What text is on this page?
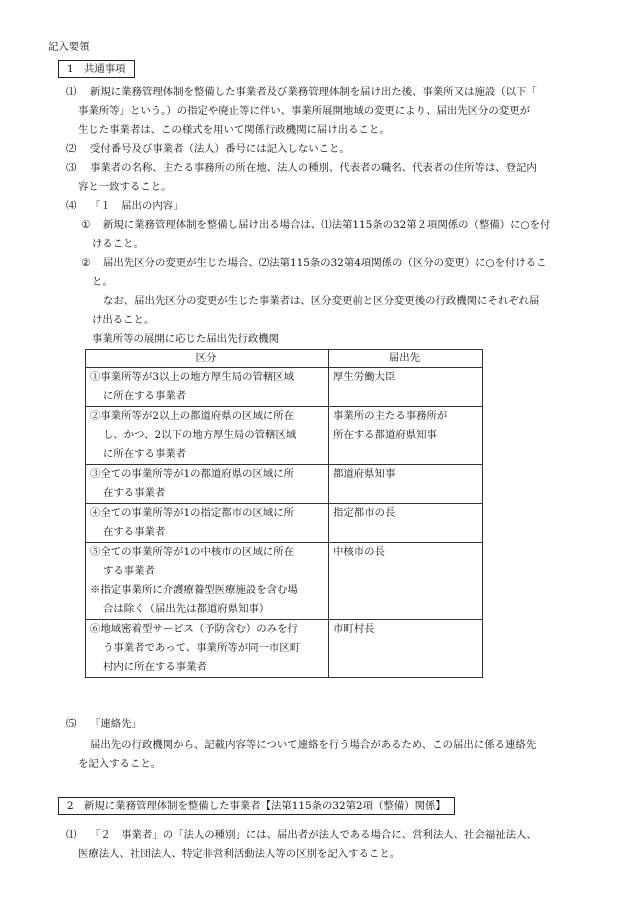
記入要領
1　共通事項
⑴ 新規に業務管理体制を整備した事業者及び業務管理体制を届け出た後、事業所又は施設（以下「
事業所等」という。）の指定や廃止等に伴い、事業所展開地域の変更により、届出先区分の変更が
生じた事業者は、この様式を用いて関係行政機関に届け出ること。
⑵ 受付番号及び事業者（法人）番号には記入しないこと。
⑶ 事業者の名称、主たる事務所の所在地、法人の種別、代表者の職名、代表者の住所等は、登記内
容と一致すること。
⑷ 「１　届出の内容」
① 新規に業務管理体制を整備し届け出る場合は、⑴法第115条の32第２項関係の（整備）に○を付
けること。
② 届出先区分の変更が生じた場合、⑵法第115条の32第4項関係の（区分の変更）に○を付けるこ
と。
なお、届出先区分の変更が生じた事業者は、区分変更前と区分変更後の行政機関にそれぞれ届
け出ること。
事業所等の展開に応じた届出先行政機関
区分	届出先

①事業所等が3以上の地方厚生局の管轄区域
に所在する事業者	厚生労働大臣

②事業所等が2以上の都道府県の区域に所在
し、かつ、2以下の地方厚生局の管轄区域
に所在する事業者	事業所の主たる事務所が
所在する都道府県知事

③全ての事業所等が1の都道府県の区域に所
在する事業者	都道府県知事

④全ての事業所等が1の指定都市の区域に所
在する事業者	指定都市の長

⑤全ての事業所等が1の中核市の区域に所在
する事業者
※指定事業所に介護療養型医療施設を含む場
合は除く（届出先は都道府県知事）	中核市の長

⑥地域密着型サービス（予防含む）のみを行
う事業者であって、事業所等が同一市区町
村内に所在する事業者	市町村長
⑸ 「連絡先」
届出先の行政機関から、記載内容等について連絡を行う場合があるため、この届出に係る連絡先
を記入すること。
2　新規に業務管理体制を整備した事業者【法第115条の32第2項（整備）関係】
⑴ 「２　事業者」の「法人の種別」には、届出者が法人である場合に、営利法人、社会福祉法人、
医療法人、社団法人、特定非営利活動法人等の区別を記入すること。
